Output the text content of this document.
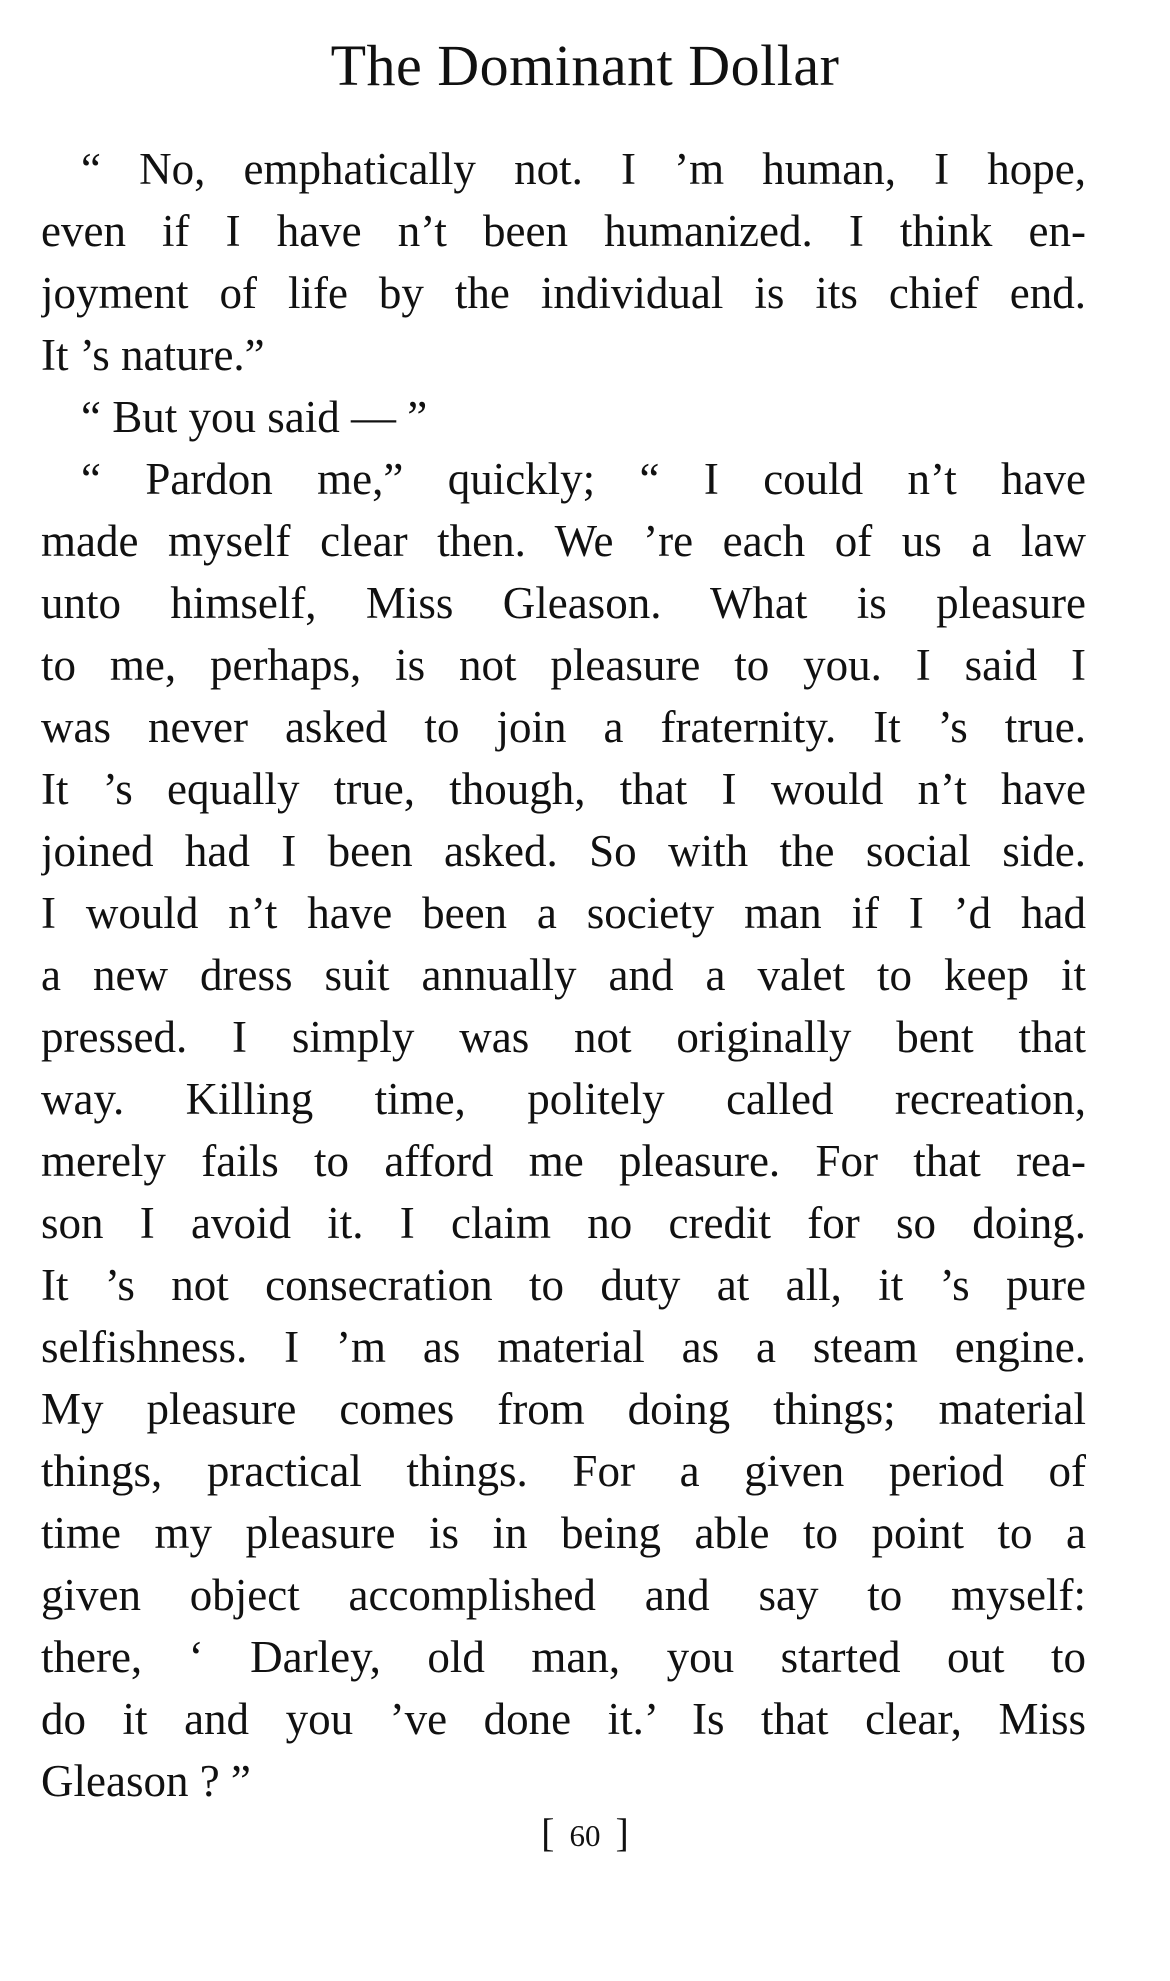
The Dominant Dollar
“ No, emphatically not. I ’m human, I hope,
even if I have n’t been humanized. I think en-
joyment of life by the individual is its chief end.
It ’s nature.”
“ But you said — ”
“ Pardon me,” quickly; “ I could n’t have
made myself clear then. We ’re each of us a law
unto himself, Miss Gleason. What is pleasure
to me, perhaps, is not pleasure to you. I said I
was never asked to join a fraternity. It ’s true.
It ’s equally true, though, that I would n’t have
joined had I been asked. So with the social side.
I would n’t have been a society man if I ’d had
a new dress suit annually and a valet to keep it
pressed. I simply was not originally bent that
way. Killing time, politely called recreation,
merely fails to afford me pleasure. For that rea-
son I avoid it. I claim no credit for so doing.
It ’s not consecration to duty at all, it ’s pure
selfishness. I ’m as material as a steam engine.
My pleasure comes from doing things; material
things, practical things. For a given period of
time my pleasure is in being able to point to a
given object accomplished and say to myself:
there, ‘ Darley, old man, you started out to
do it and you ’ve done it.’ Is that clear, Miss
Gleason ? ”
[ 60 ]
